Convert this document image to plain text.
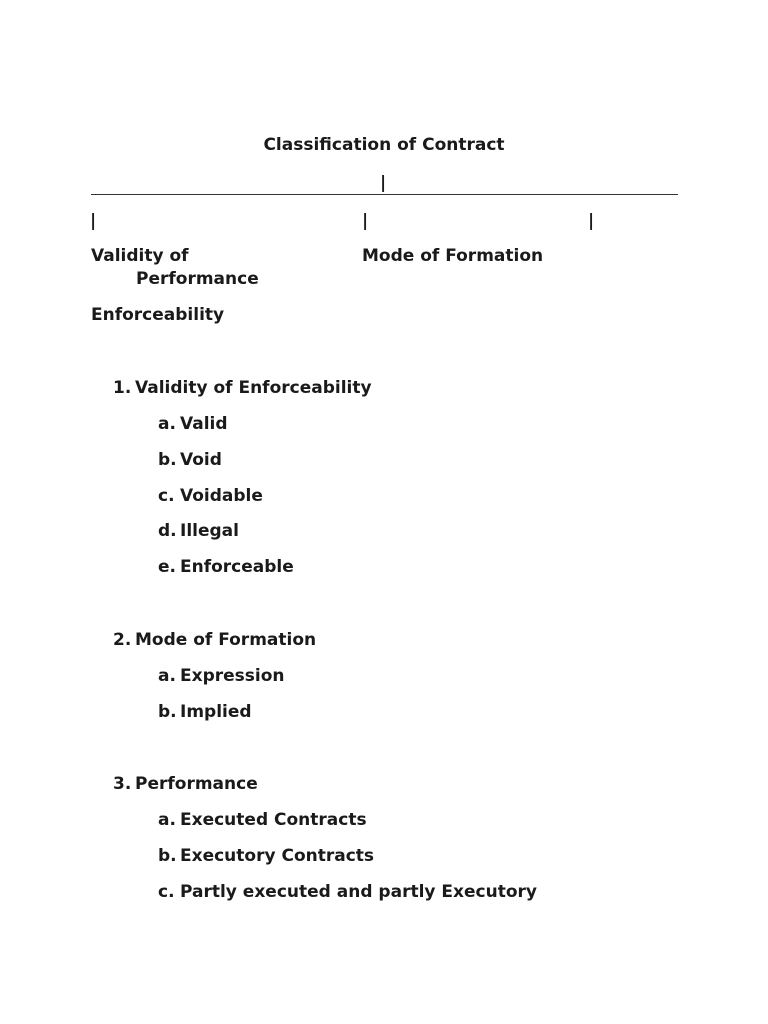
Classification of Contract
|
|	|	|
Validity of	Mode of Formation
Performance
Enforceability
1. Validity of Enforceability
a. Valid
b. Void
c. Voidable
d. Illegal
e. Enforceable
2. Mode of Formation
a. Expression
b. Implied
3. Performance
a. Executed Contracts
b. Executory Contracts
c. Partly executed and partly Executory
